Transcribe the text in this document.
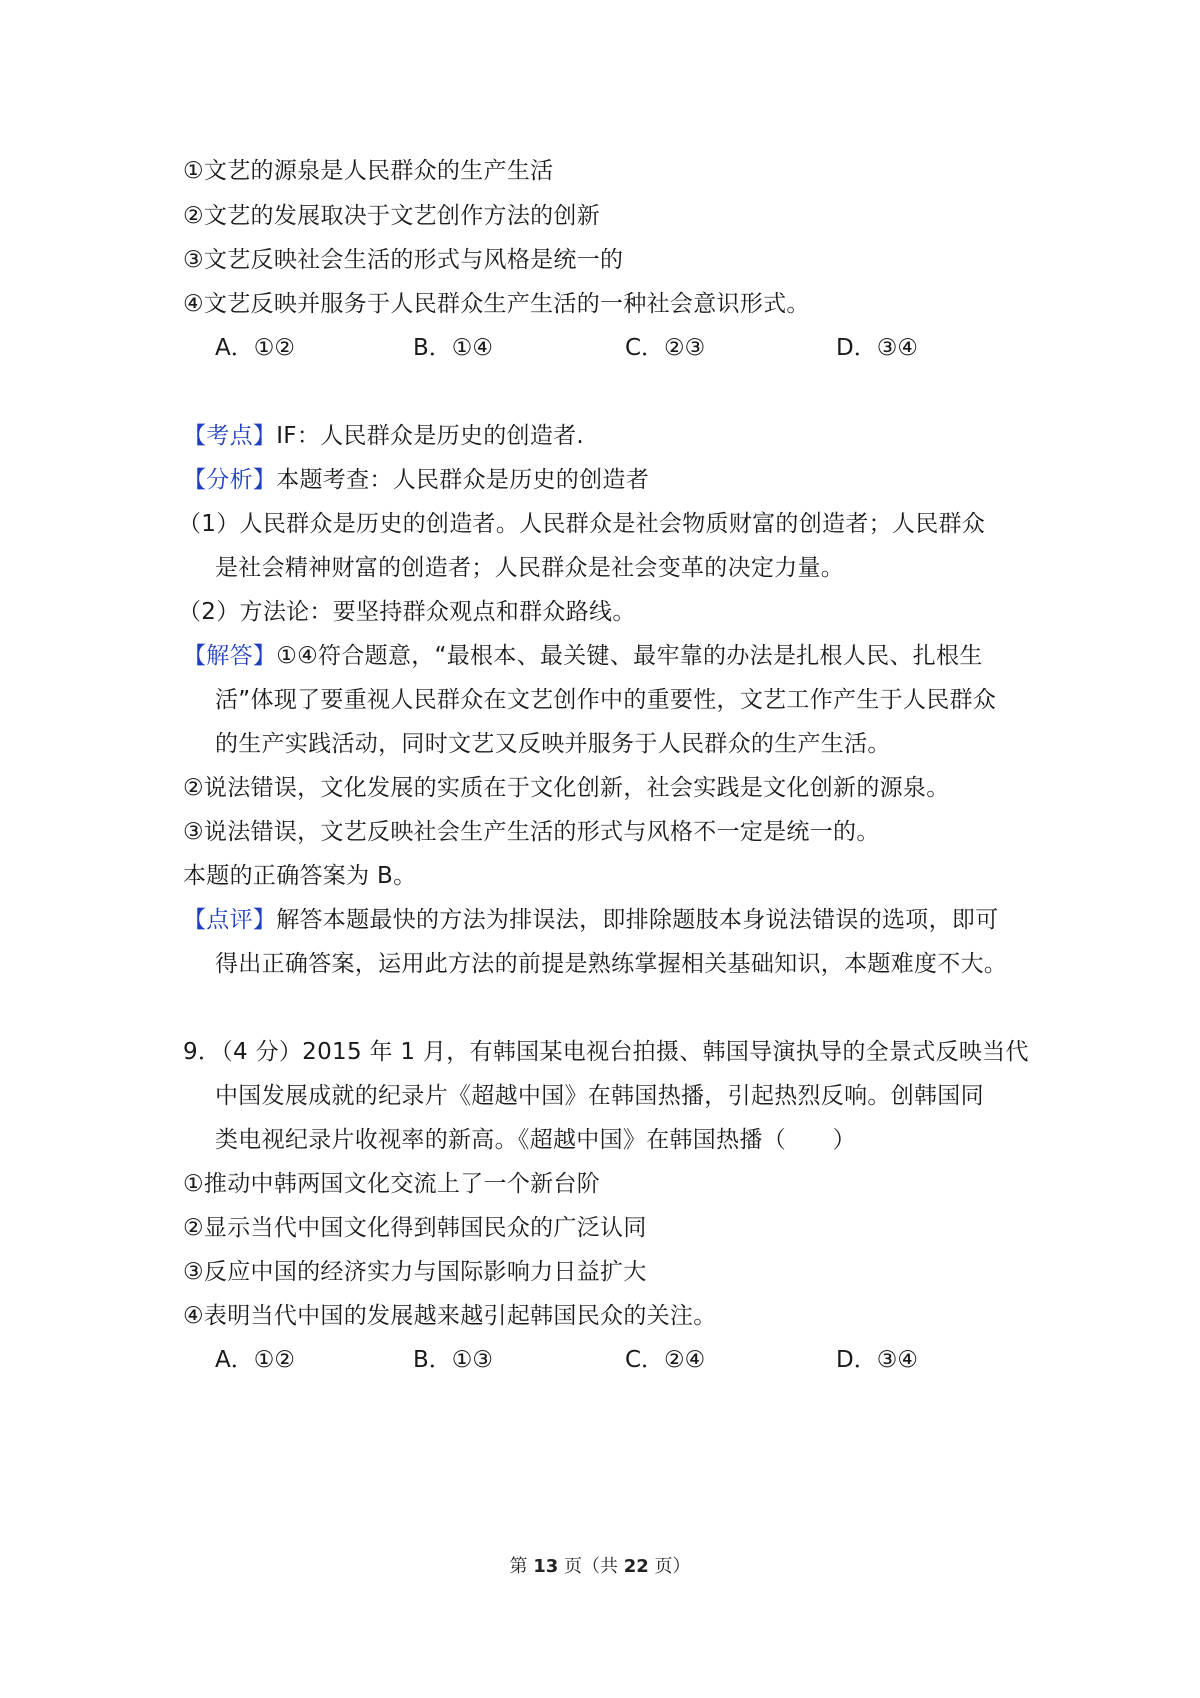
①文艺的源泉是人民群众的生产生活
②文艺的发展取决于文艺创作方法的创新
③文艺反映社会生活的形式与风格是统一的
④文艺反映并服务于人民群众生产生活的一种社会意识形式。
A．①②	B．①④	C．②③	D．③④
【考点】IF：人民群众是历史的创造者.
【分析】本题考查：人民群众是历史的创造者
（1）人民群众是历史的创造者。人民群众是社会物质财富的创造者；人民群众
是社会精神财富的创造者；人民群众是社会变革的决定力量。
（2）方法论：要坚持群众观点和群众路线。
【解答】①④符合题意，“最根本、最关键、最牢靠的办法是扎根人民、扎根生
活”体现了要重视人民群众在文艺创作中的重要性，文艺工作产生于人民群众
的生产实践活动，同时文艺又反映并服务于人民群众的生产生活。
②说法错误，文化发展的实质在于文化创新，社会实践是文化创新的源泉。
③说法错误，文艺反映社会生产生活的形式与风格不一定是统一的。
本题的正确答案为 B。
【点评】解答本题最快的方法为排误法，即排除题肢本身说法错误的选项，即可
得出正确答案，运用此方法的前提是熟练掌握相关基础知识，本题难度不大。
9．（4 分）2015 年 1 月，有韩国某电视台拍摄、韩国导演执导的全景式反映当代
中国发展成就的纪录片《超越中国》在韩国热播，引起热烈反响。创韩国同
类电视纪录片收视率的新高。《超越中国》在韩国热播（　　）
①推动中韩两国文化交流上了一个新台阶
②显示当代中国文化得到韩国民众的广泛认同
③反应中国的经济实力与国际影响力日益扩大
④表明当代中国的发展越来越引起韩国民众的关注。
A．①②	B．①③	C．②④	D．③④
第 13 页（共 22 页）
